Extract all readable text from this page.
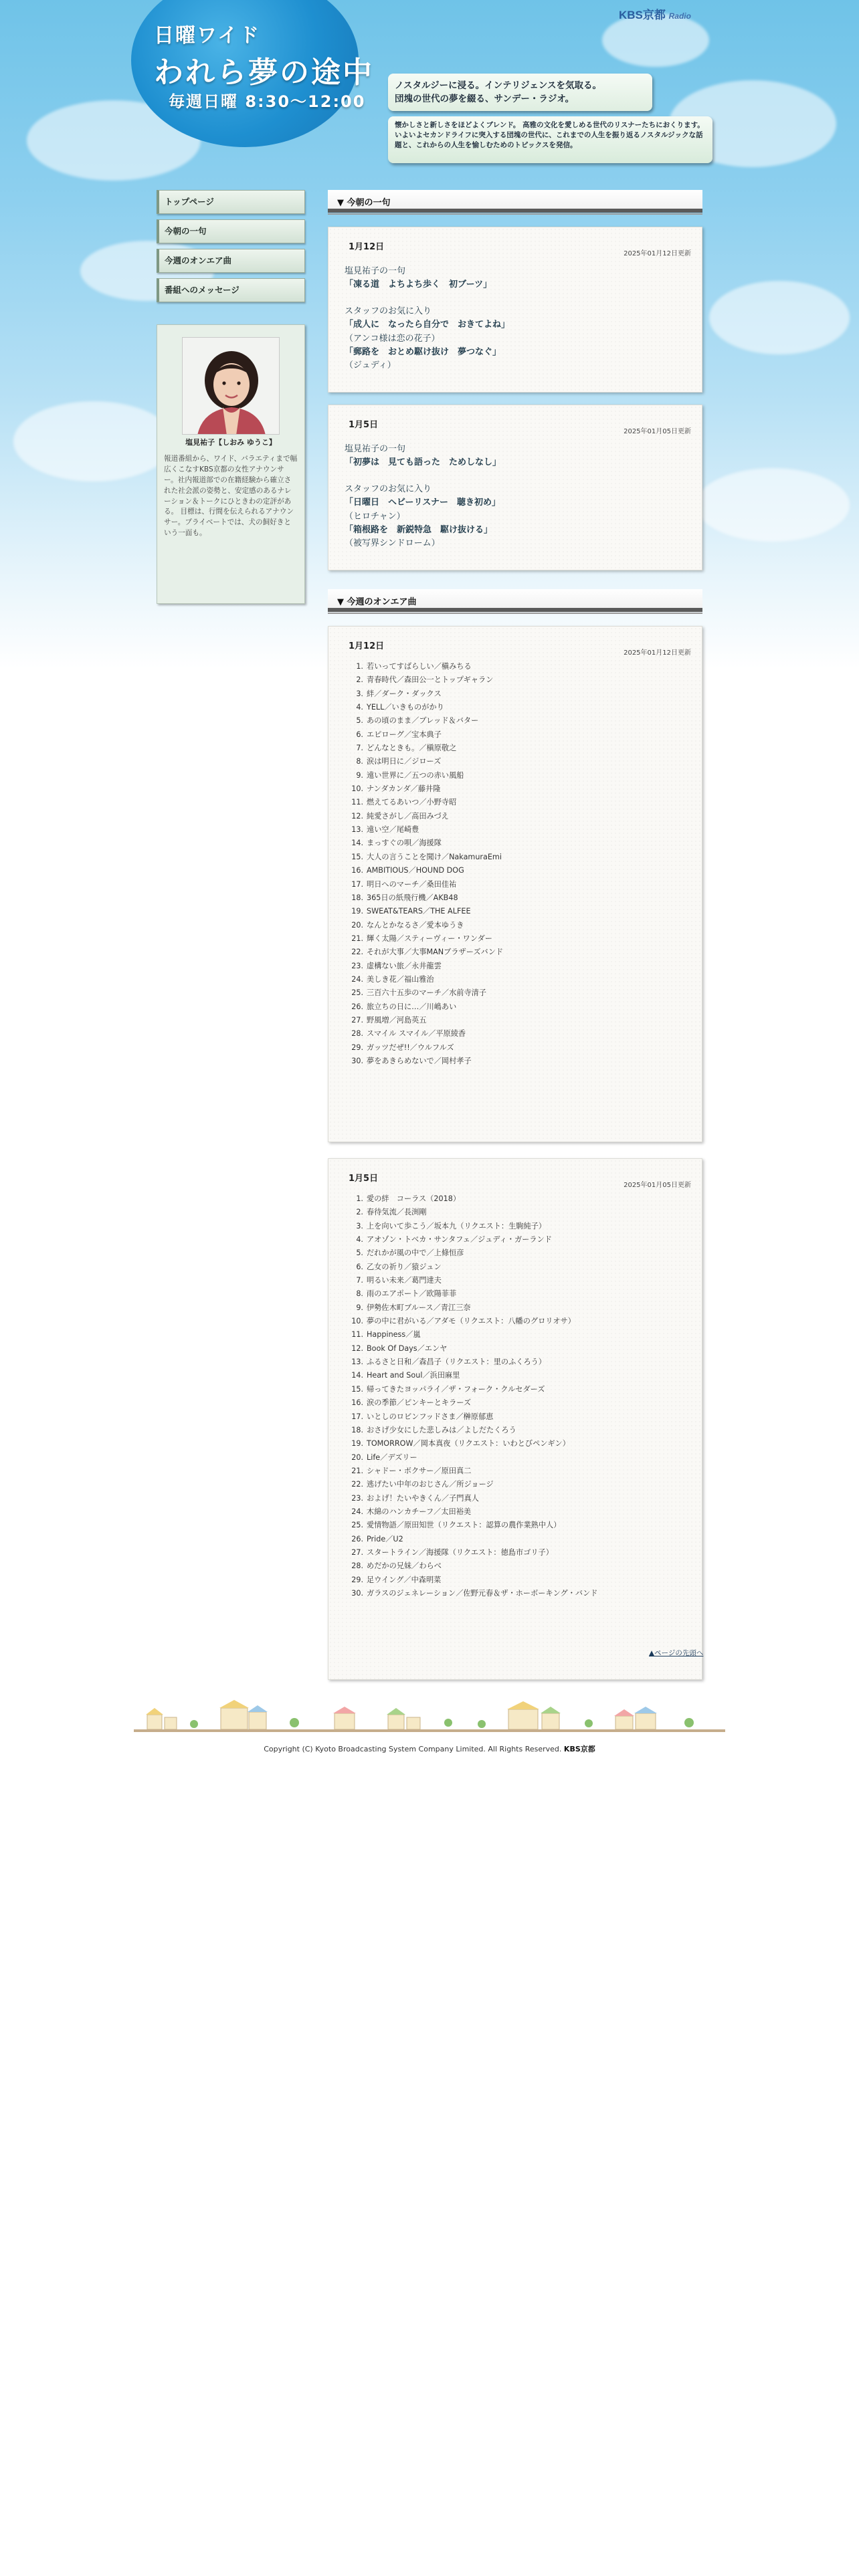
日曜ワイド
われら夢の途中
毎週日曜 8:30～12:00
KBS京都 Radio
ノスタルジーに浸る。インテリジェンスを気取る。
団塊の世代の夢を綴る、サンデー・ラジオ。
懐かしさと新しさをほどよくブレンド。 高雅の文化を愛しめる世代のリスナーたちにおくります。いよいよセカンドライフに突入する団塊の世代に、これまでの人生を振り返るノスタルジックな話題と、これからの人生を愉しむためのトピックスを発信。
トップページ
今朝の一句
今週のオンエア曲
番組へのメッセージ
塩見祐子【しおみ ゆうこ】
報道番組から、ワイド、バラエティまで幅広くこなすKBS京都の女性アナウンサー。社内報道部での在籍経験から確立された社会派の姿勢と、安定感のあるナレーション＆トークにひときわの定評がある。 目標は、行間を伝えられるアナウンサー。プライベートでは、犬の飼好きという一面も。
▼ 今朝の一句
1月12日
2025年01月12日更新
塩見祐子の一句
「凍る道　よちよち歩く　初ブーツ」
スタッフのお気に入り
「成人に　なったら自分で　おきてよね」
（アンコ様は恋の花子）
「郵路を　おとめ駆け抜け　夢つなぐ」
（ジュディ）
1月5日
2025年01月05日更新
塩見祐子の一句
「初夢は　見ても語った　ためしなし」
スタッフのお気に入り
「日曜日　ヘビーリスナー　聴き初め」
（ヒロチャン）
「箱根路を　新鋭特急　駆け抜ける」
（被写界シンドローム）
▼ 今週のオンエア曲
1月12日
2025年01月12日更新
1. 若いってすばらしい／槇みちる
2. 青春時代／森田公一とトップギャラン
3. 絆／ダーク・ダックス
4. YELL／いきものがかり
5. あの頃のまま／ブレッド＆バター
6. エピローグ／宝本典子
7. どんなときも。／槇原敬之
8. 涙は明日に／ジローズ
9. 遠い世界に／五つの赤い風船
10. ナンダカンダ／藤井隆
11. 燃えてるあいつ／小野寺昭
12. 純愛さがし／高田みづえ
13. 遠い空／尾崎豊
14. まっすぐの唄／海援隊
15. 大人の言うことを聞け／NakamuraEmi
16. AMBITIOUS／HOUND DOG
17. 明日へのマーチ／桑田佳祐
18. 365日の紙飛行機／AKB48
19. SWEAT&TEARS／THE ALFEE
20. なんとかなるさ／愛本ゆうき
21. 輝く太陽／スティーヴィー・ワンダー
22. それが大事／大事MANブラザーズバンド
23. 虚構ない旅／永井龍雲
24. 美しき花／福山雅治
25. 三百六十五歩のマーチ／水前寺清子
26. 旅立ちの日に…／川嶋あい
27. 野風増／河島英五
28. スマイル スマイル／平原綾香
29. ガッツだぜ!!／ウルフルズ
30. 夢をあきらめないで／岡村孝子
1月5日
2025年01月05日更新
1. 愛の絆　コーラス（2018）
2. 春待気流／長渕剛
3. 上を向いて歩こう／坂本九（リクエスト：生駒純子）
4. アオゾン・トベカ・サンタフェ／ジュディ・ガーランド
5. だれかが風の中で／上條恒彦
6. 乙女の祈り／猿ジュン
7. 明るい未来／葛門達夫
8. 雨のエアポート／欧陽菲菲
9. 伊勢佐木町ブルース／青江三奈
10. 夢の中に君がいる／アダモ（リクエスト：八幡のグロリオサ）
11. Happiness／嵐
12. Book Of Days／エンヤ
13. ふるさと日和／森昌子（リクエスト：里のふくろう）
14. Heart and Soul／浜田麻里
15. 帰ってきたヨッパライ／ザ・フォーク・クルセダーズ
16. 涙の季節／ピンキーとキラーズ
17. いとしのロビンフッドさま／榊原郁恵
18. おさげ少女にした悲しみは／よしだたくろう
19. TOMORROW／岡本真夜（リクエスト：いわとびペンギン）
20. Life／デズリー
21. シャドー・ボクサー／原田真二
22. 逃げたい中年のおじさん／所ジョージ
23. およげ！たいやきくん／子門真人
24. 木綿のハンカチーフ／太田裕美
25. 愛情物語／原田知世（リクエスト：認算の農作業熟中人）
26. Pride／U2
27. スタートライン／海援隊（リクエスト：徳島市ゴリ子）
28. めだかの兄妹／わらべ
29. 足ウイング／中森明菜
30. ガラスのジェネレーション／佐野元春＆ザ・ホーボーキング・バンド
▲ページの先頭へ
Copyright (C) Kyoto Broadcasting System Company Limited. All Rights Reserved. KBS京都
